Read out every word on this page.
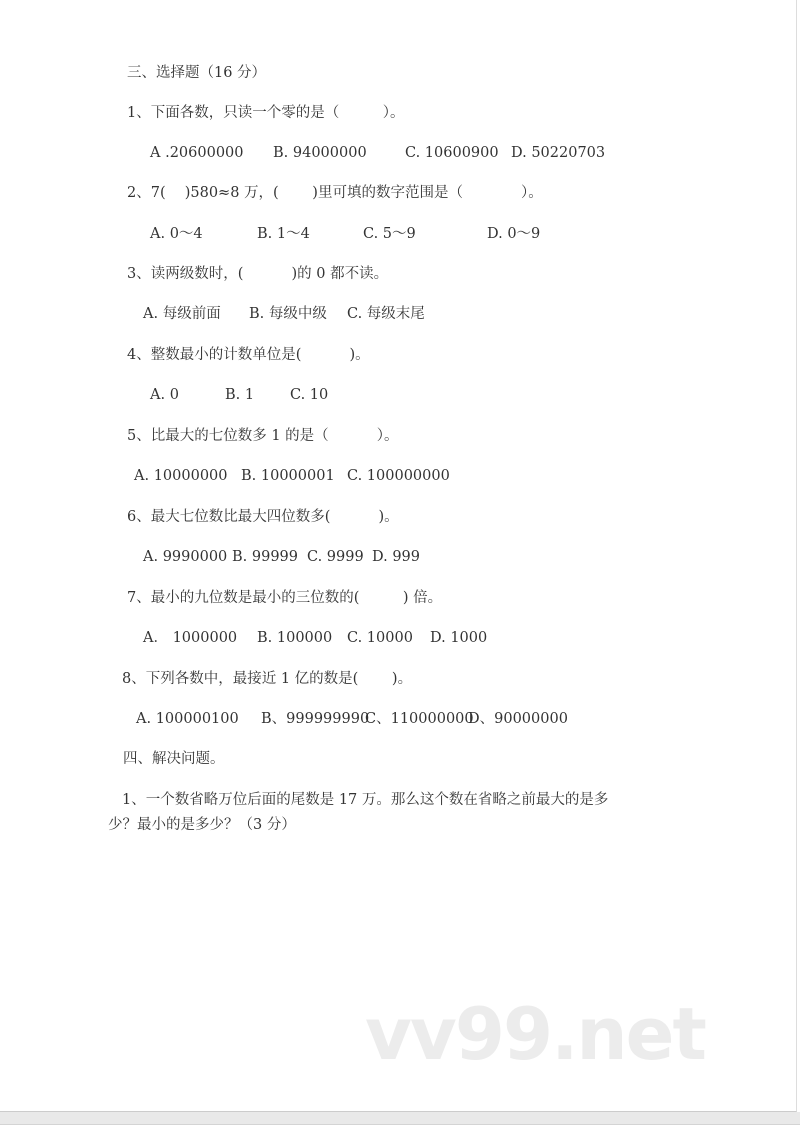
三、选择题（16 分）
1、下面各数，只读一个零的是（　　　）。
A .20600000 B. 94000000	C. 10600900 D. 50220703
2、7(　 )580≈8 万，(　　 )里可填的数字范围是（　　　　）。
A. 0～4	B. 1～4	C. 5～9	D. 0～9
3、读两级数时，(　　　 )的 0 都不读。
A. 每级前面 B. 每级中级 C. 每级末尾
4、整数最小的计数单位是(　　　 )。
A. 0	B. 1 C. 10
5、比最大的七位数多 1 的是（　　　 ）。
A. 10000000 B. 10000001 C. 100000000
6、最大七位数比最大四位数多(　　　 )。
A. 9990000 B. 99999 C. 9999 D. 999
7、最小的九位数是最小的三位数的(　　　) 倍。
A． 1000000 B. 100000 C. 10000 D. 1000
8、下列各数中，最接近 1 亿的数是(　　 )。
A. 100000100 B、999999990
C、110000000
D、90000000
四、解决问题。
1、一个数省略万位后面的尾数是 17 万。那么这个数在省略之前最大的是多
少？最小的是多少？（3 分）
vv99.net
